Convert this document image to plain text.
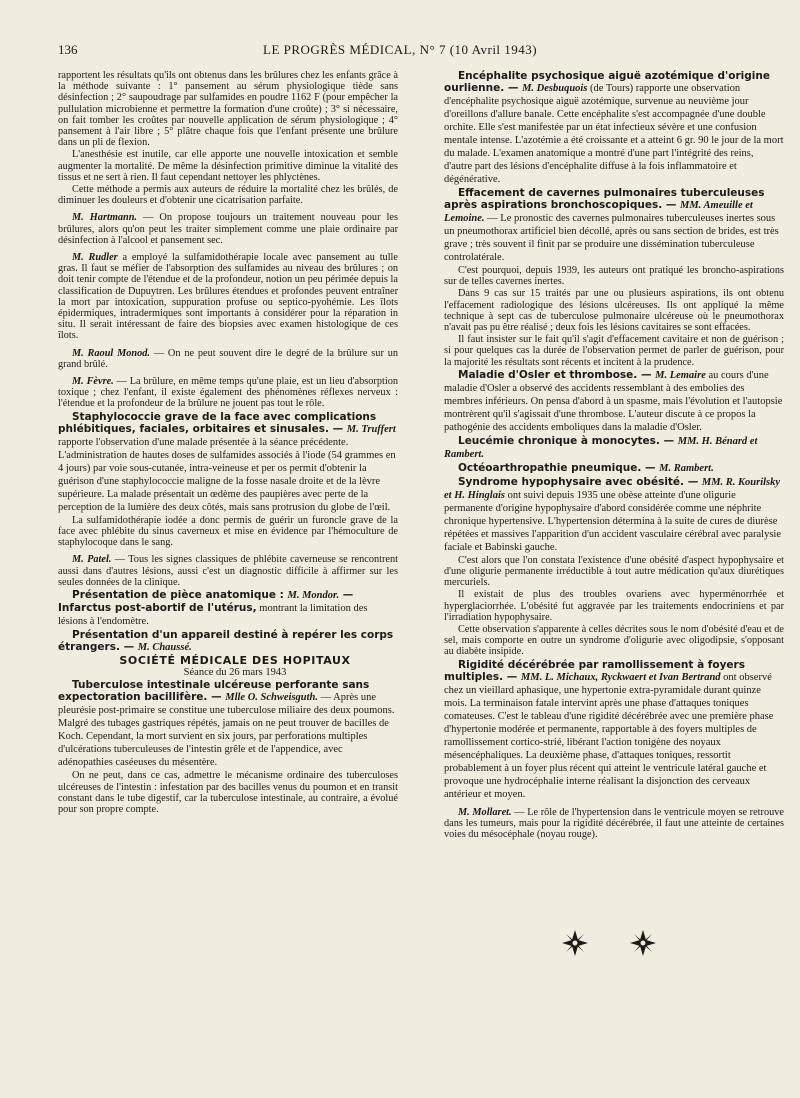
136	LE PROGRÈS MÉDICAL, N° 7 (10 Avril 1943)

rapportent les résultats qu'ils ont obtenus dans les brûlures chez les enfants grâce à la méthode suivante : 1° pansement au sérum physiologique tiède sans désinfection ; 2° saupoudrage par sulfamides en poudre 1162 F (pour empêcher la pullulation microbienne et permettre la formation d'une croûte) ; 3° si nécessaire, on fait tomber les croûtes par nouvelle application de sérum physiologique ; 4° pansement à l'air libre ; 5° plâtre chaque fois que l'enfant présente une brûlure dans un pli de flexion.

L'anesthésie est inutile, car elle apporte une nouvelle intoxication et semble augmenter la mortalité. De même la désinfection primitive diminue la vitalité des tissus et ne sert à rien. Il faut cependant nettoyer les phlyctènes.

Cette méthode a permis aux auteurs de réduire la mortalité chez les brûlés, de diminuer les douleurs et d'obtenir une cicatrisation parfaite.

M. Hartmann. — On propose toujours un traitement nouveau pour les brûlures, alors qu'on peut les traiter simplement comme une plaie ordinaire par désinfection à l'alcool et pansement sec.

M. Rudler a employé la sulfamidothérapie locale avec pansement au tulle gras. Il faut se méfier de l'absorption des sulfamides au niveau des brûlures ; on doit tenir compte de l'étendue et de la profondeur, notion un peu périmée depuis la classification de Dupuytren. Les brûlures étendues et profondes peuvent entraîner la mort par intoxication, suppuration profuse ou septico-pyohémie. Les îlots épidermiques, intradermiques sont importants à considérer pour la réparation in situ. Il serait intéressant de faire des biopsies avec examen histologique de ces îlots.

M. Raoul Monod. — On ne peut souvent dire le degré de la brûlure sur un grand brûlé.

M. Fèvre. — La brûlure, en même temps qu'une plaie, est un lieu d'absorption toxique ; chez l'enfant, il existe également des phénomènes réflexes nerveux : l'étendue et la profondeur de la brûlure ne jouent pas tout le rôle.

Staphylococcie grave de la face avec complications phlébitiques, faciales, orbitaires et sinusales. — M. Truffert rapporte l'observation d'une malade présentée à la séance précédente. L'administration de hautes doses de sulfamides associés à l'iode (54 grammes en 4 jours) par voie sous-cutanée, intra-veineuse et per os permit d'obtenir la guérison d'une staphylococcie maligne de la fosse nasale droite et de la lèvre supérieure. La malade présentait un œdème des paupières avec perte de la perception de la lumière des deux côtés, mais sans protrusion du globe de l'œil.

La sulfamidothérapie iodée a donc permis de guérir un furoncle grave de la face avec phlébite du sinus caverneux et mise en évidence par l'hémoculture de staphylocoque dans le sang.

M. Patel. — Tous les signes classiques de phlébite caverneuse se rencontrent aussi dans d'autres lésions, aussi c'est un diagnostic difficile à affirmer sur les seules données de la clinique.

Présentation de pièce anatomique : M. Mondor. — Infarctus post-abortif de l'utérus, montrant la limitation des lésions à l'endomètre.

Présentation d'un appareil destiné à repérer les corps étrangers. — M. Chaussé.

SOCIÉTÉ MÉDICALE DES HOPITAUX

Séance du 26 mars 1943

Tuberculose intestinale ulcéreuse perforante sans expectoration bacillifère. — Mlle O. Schweisguth. — Après une pleurésie post-primaire se constitue une tuberculose miliaire des deux poumons. Malgré des tubages gastriques répétés, jamais on ne peut trouver de bacilles de Koch. Cependant, la mort survient en six jours, par perforations multiples d'ulcérations tuberculeuses de l'intestin grêle et de l'appendice, avec adénopathies caséeuses du mésentère.

On ne peut, dans ce cas, admettre le mécanisme ordinaire des tuberculoses ulcéreuses de l'intestin : infestation par des bacilles venus du poumon et en transit constant dans le tube digestif, car la tuberculose intestinale, au contraire, a évolué pour son propre compte.

Encéphalite psychosique aiguë azotémique d'origine ourlienne. — M. Desbuquois (de Tours) rapporte une observation d'encéphalite psychosique aiguë azotémique, survenue au neuvième jour d'oreillons d'allure banale. Cette encéphalite s'est accompagnée d'une double orchite. Elle s'est manifestée par un état infectieux sévère et une confusion mentale intense. L'azotémie a été croissante et a atteint 6 gr. 90 le jour de la mort du malade. L'examen anatomique a montré d'une part l'intégrité des reins, d'autre part des lésions d'encéphalite diffuse à la fois inflammatoire et dégénérative.

Effacement de cavernes pulmonaires tuberculeuses après aspirations bronchoscopiques. — MM. Ameuille et Lemoine. — Le pronostic des cavernes pulmonaires tuberculeuses inertes sous un pneumothorax artificiel bien décollé, après ou sans section de brides, est très grave ; très souvent il finit par se produire une dissémination tuberculeuse controlatérale.

C'est pourquoi, depuis 1939, les auteurs ont pratiqué les broncho-aspirations sur de telles cavernes inertes.

Dans 9 cas sur 15 traités par une ou plusieurs aspirations, ils ont obtenu l'effacement radiologique des lésions ulcéreuses. Ils ont appliqué la même technique à sept cas de tuberculose pulmonaire ulcéreuse où le pneumothorax n'avait pas pu être réalisé ; deux fois les lésions cavitaires se sont effacées.

Il faut insister sur le fait qu'il s'agit d'effacement cavitaire et non de guérison ; si pour quelques cas la durée de l'observation permet de parler de guérison, pour la majorité les résultats sont récents et incitent à la prudence.

Maladie d'Osler et thrombose. — M. Lemaire au cours d'une maladie d'Osler a observé des accidents ressemblant à des embolies des membres inférieurs. On pensa d'abord à un spasme, mais l'évolution et l'autopsie montrèrent qu'il s'agissait d'une thrombose. L'auteur discute à ce propos la pathogénie des accidents emboliques dans la maladie d'Osler.

Leucémie chronique à monocytes. — MM. H. Bénard et Rambert.

Octéoarthropathie pneumique. — M. Rambert.

Syndrome hypophysaire avec obésité. — MM. R. Kourilsky et H. Hinglais ont suivi depuis 1935 une obèse atteinte d'une oligurie permanente d'origine hypophysaire d'abord considérée comme une néphrite chronique hypertensive. L'hypertension détermina à la suite de cures de diurèse répétées et massives l'apparition d'un accident vasculaire cérébral avec paralysie faciale et Babinski gauche.

C'est alors que l'on constata l'existence d'une obésité d'aspect hypophysaire et d'une oligurie permanente irréductible à tout autre médication qu'aux diurétiques mercuriels.

Il existait de plus des troubles ovariens avec hyperménorrhée et hyperglaciorrhée. L'obésité fut aggravée par les traitements endocriniens et par l'irradiation hypophysaire.

Cette observation s'apparente à celles décrites sous le nom d'obésité d'eau et de sel, mais comporte en outre un syndrome d'oligurie avec oligodipsie, s'opposant au diabète insipide.

Rigidité décérébrée par ramollissement à foyers multiples. — MM. L. Michaux, Ryckwaert et Ivan Bertrand ont observé chez un vieillard aphasique, une hypertonie extra-pyramidale durant quinze mois. La terminaison fatale intervint après une phase d'attaques toniques comateuses. C'est le tableau d'une rigidité décérébrée avec une première phase d'hypertonie modérée et permanente, rapportable à des foyers multiples de ramollissement cortico-strié, libérant l'action tonigène des noyaux mésencéphaliques. La deuxième phase, d'attaques toniques, ressortit probablement à un foyer plus récent qui atteint le ventricule latéral gauche et provoque une hydrocéphalie interne réalisant la disjonction des cerveaux antérieur et moyen.

M. Mollaret. — Le rôle de l'hypertension dans le ventricule moyen se retrouve dans les tumeurs, mais pour la rigidité décérébrée, il faut une atteinte de certaines voies du mésocéphale (noyau rouge).
